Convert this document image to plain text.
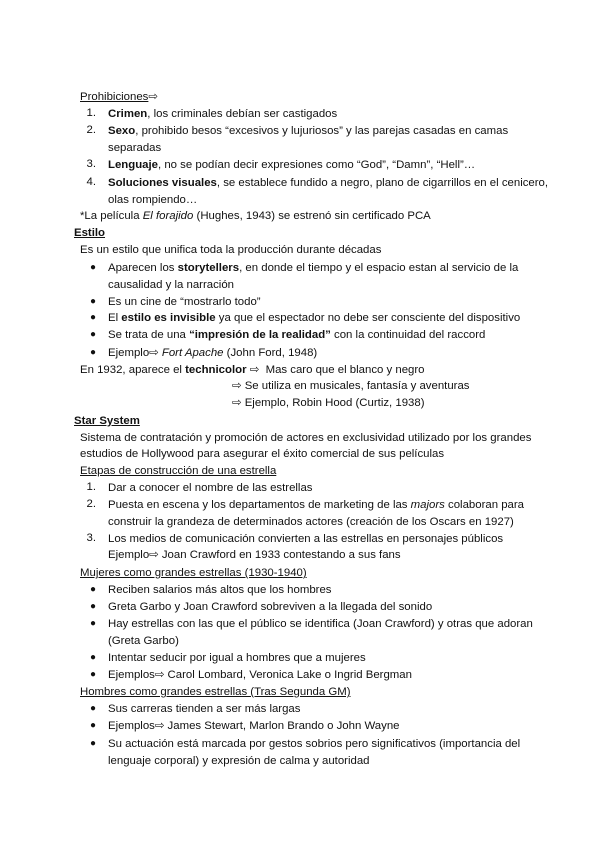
Prohibiciones⇨
1. Crimen, los criminales debían ser castigados
2. Sexo, prohibido besos “excesivos y lujuriosos” y las parejas casadas en camas
separadas
3. Lenguaje, no se podían decir expresiones como “God”, “Damn”, “Hell”…
4. Soluciones visuales, se establece fundido a negro, plano de cigarrillos en el cenicero,
olas rompiendo…
*La película El forajido (Hughes, 1943) se estrenó sin certificado PCA
Estilo
Es un estilo que unifica toda la producción durante décadas
● Aparecen los storytellers, en donde el tiempo y el espacio estan al servicio de la
causalidad y la narración
● Es un cine de “mostrarlo todo”
● El estilo es invisible ya que el espectador no debe ser consciente del dispositivo
● Se trata de una “impresión de la realidad” con la continuidad del raccord
● Ejemplo⇨ Fort Apache (John Ford, 1948)
En 1932, aparece el technicolor ⇨  Mas caro que el blanco y negro
⇨ Se utiliza en musicales, fantasía y aventuras
⇨ Ejemplo, Robin Hood (Curtiz, 1938)
Star System
Sistema de contratación y promoción de actores en exclusividad utilizado por los grandes
estudios de Hollywood para asegurar el éxito comercial de sus películas
Etapas de construcción de una estrella
1. Dar a conocer el nombre de las estrellas
2. Puesta en escena y los departamentos de marketing de las majors colaboran para
construir la grandeza de determinados actores (creación de los Oscars en 1927)
3. Los medios de comunicación convierten a las estrellas en personajes públicos
Ejemplo⇨ Joan Crawford en 1933 contestando a sus fans
Mujeres como grandes estrellas (1930-1940)
● Reciben salarios más altos que los hombres
● Greta Garbo y Joan Crawford sobreviven a la llegada del sonido
● Hay estrellas con las que el público se identifica (Joan Crawford) y otras que adoran
(Greta Garbo)
● Intentar seducir por igual a hombres que a mujeres
● Ejemplos⇨ Carol Lombard, Veronica Lake o Ingrid Bergman
Hombres como grandes estrellas (Tras Segunda GM)
● Sus carreras tienden a ser más largas
● Ejemplos⇨ James Stewart, Marlon Brando o John Wayne
● Su actuación está marcada por gestos sobrios pero significativos (importancia del
lenguaje corporal) y expresión de calma y autoridad
